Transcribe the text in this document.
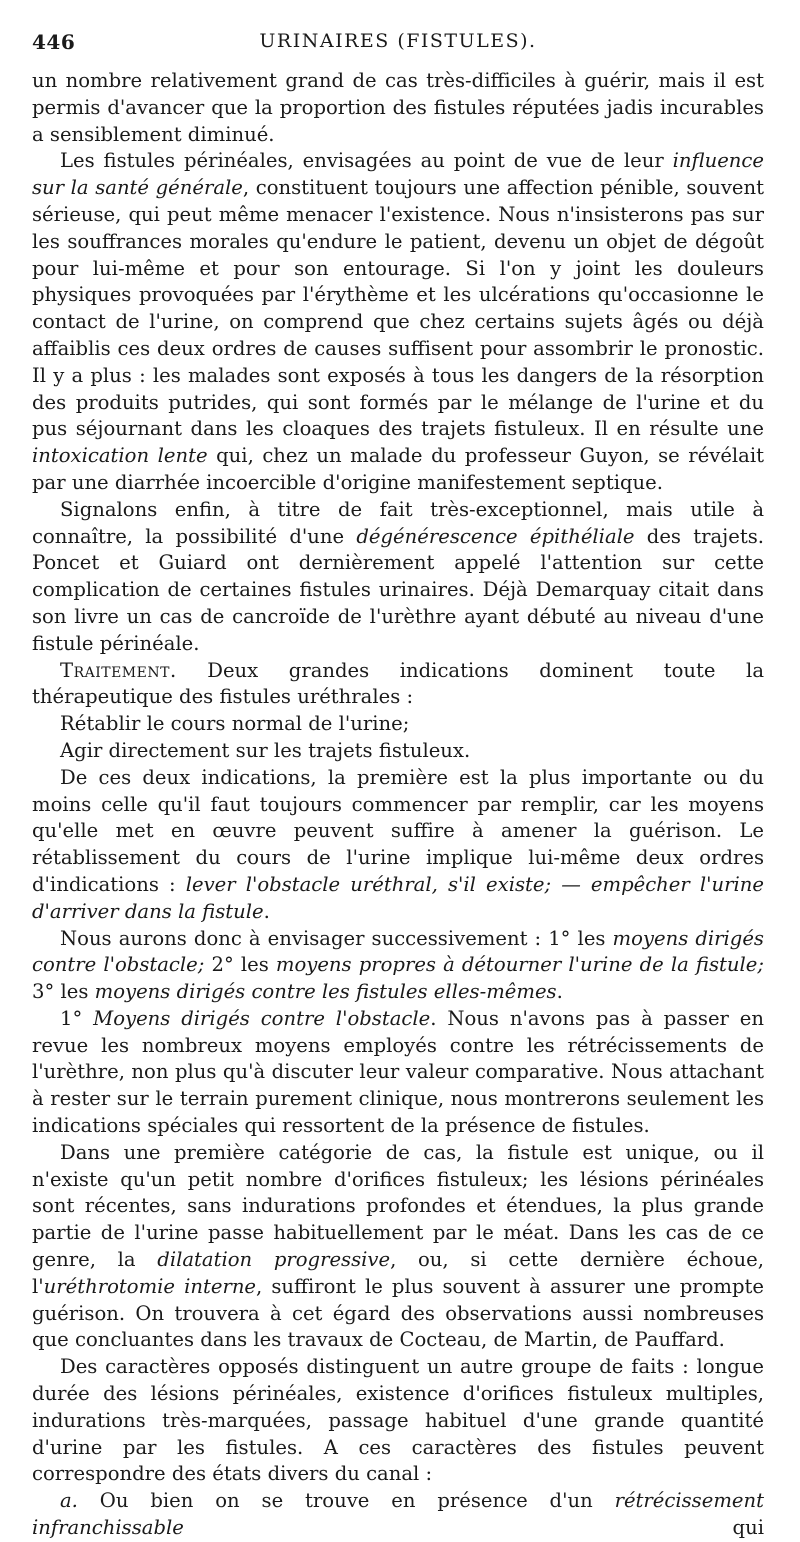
446	URINAIRES (FISTULES).

un nombre relativement grand de cas très-difficiles à guérir, mais il est permis d'avancer que la proportion des fistules réputées jadis incurables a sensiblement diminué.

Les fistules périnéales, envisagées au point de vue de leur influence sur la santé générale, constituent toujours une affection pénible, souvent sérieuse, qui peut même menacer l'existence. Nous n'insisterons pas sur les souffrances morales qu'endure le patient, devenu un objet de dégoût pour lui-même et pour son entourage. Si l'on y joint les douleurs physiques provoquées par l'érythème et les ulcérations qu'occasionne le contact de l'urine, on comprend que chez certains sujets âgés ou déjà affaiblis ces deux ordres de causes suffisent pour assombrir le pronostic. Il y a plus : les malades sont exposés à tous les dangers de la résorption des produits putrides, qui sont formés par le mélange de l'urine et du pus séjournant dans les cloaques des trajets fistuleux. Il en résulte une intoxication lente qui, chez un malade du professeur Guyon, se révélait par une diarrhée incoercible d'origine manifestement septique.

Signalons enfin, à titre de fait très-exceptionnel, mais utile à connaître, la possibilité d'une dégénérescence épithéliale des trajets. Poncet et Guiard ont dernièrement appelé l'attention sur cette complication de certaines fistules urinaires. Déjà Demarquay citait dans son livre un cas de cancroïde de l'urèthre ayant débuté au niveau d'une fistule périnéale.

Traitement. Deux grandes indications dominent toute la thérapeutique des fistules uréthrales :

Rétablir le cours normal de l'urine;

Agir directement sur les trajets fistuleux.

De ces deux indications, la première est la plus importante ou du moins celle qu'il faut toujours commencer par remplir, car les moyens qu'elle met en œuvre peuvent suffire à amener la guérison. Le rétablissement du cours de l'urine implique lui-même deux ordres d'indications : lever l'obstacle uréthral, s'il existe; — empêcher l'urine d'arriver dans la fistule.

Nous aurons donc à envisager successivement : 1° les moyens dirigés contre l'obstacle; 2° les moyens propres à détourner l'urine de la fistule; 3° les moyens dirigés contre les fistules elles-mêmes.

1° Moyens dirigés contre l'obstacle. Nous n'avons pas à passer en revue les nombreux moyens employés contre les rétrécissements de l'urèthre, non plus qu'à discuter leur valeur comparative. Nous attachant à rester sur le terrain purement clinique, nous montrerons seulement les indications spéciales qui ressortent de la présence de fistules.

Dans une première catégorie de cas, la fistule est unique, ou il n'existe qu'un petit nombre d'orifices fistuleux; les lésions périnéales sont récentes, sans indurations profondes et étendues, la plus grande partie de l'urine passe habituellement par le méat. Dans les cas de ce genre, la dilatation progressive, ou, si cette dernière échoue, l'uréthrotomie interne, suffiront le plus souvent à assurer une prompte guérison. On trouvera à cet égard des observations aussi nombreuses que concluantes dans les travaux de Cocteau, de Martin, de Pauffard.

Des caractères opposés distinguent un autre groupe de faits : longue durée des lésions périnéales, existence d'orifices fistuleux multiples, indurations très-marquées, passage habituel d'une grande quantité d'urine par les fistules. A ces caractères des fistules peuvent correspondre des états divers du canal :

a. Ou bien on se trouve en présence d'un rétrécissement infranchissable qui
